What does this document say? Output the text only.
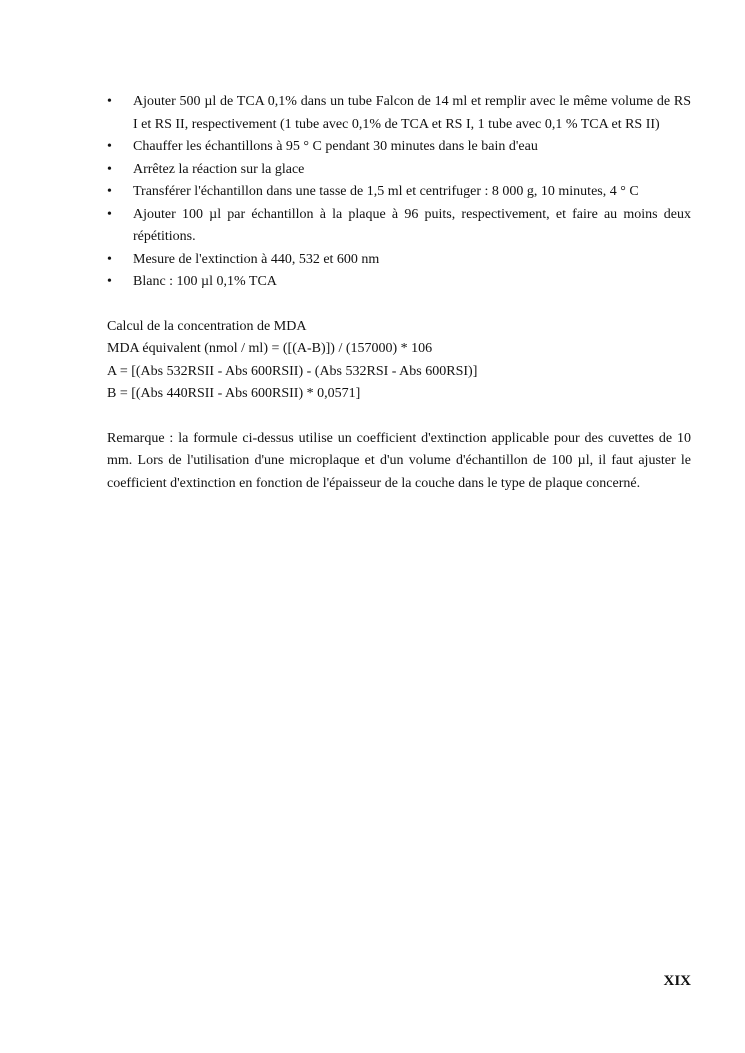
•	Ajouter 500 µl de TCA 0,1% dans un tube Falcon de 14 ml et remplir avec le même volume de RS I et RS II, respectivement (1 tube avec 0,1% de TCA et RS I, 1 tube avec 0,1 % TCA et RS II)
•	Chauffer les échantillons à 95 ° C pendant 30 minutes dans le bain d'eau
•	Arrêtez la réaction sur la glace
•	Transférer l'échantillon dans une tasse de 1,5 ml et centrifuger : 8 000 g, 10 minutes, 4 ° C
•	Ajouter 100 µl par échantillon à la plaque à 96 puits, respectivement, et faire au moins deux répétitions.
•	Mesure de l'extinction à 440, 532 et 600 nm
•	Blanc : 100 µl 0,1% TCA
Calcul de la concentration de MDA
MDA équivalent (nmol / ml) = ([(A-B)]) / (157000) * 106
A = [(Abs 532RSII - Abs 600RSII) - (Abs 532RSI - Abs 600RSI)]
B = [(Abs 440RSII - Abs 600RSII) * 0,0571]
Remarque : la formule ci-dessus utilise un coefficient d'extinction applicable pour des cuvettes de 10 mm. Lors de l'utilisation d'une microplaque et d'un volume d'échantillon de 100 µl, il faut ajuster le coefficient d'extinction en fonction de l'épaisseur de la couche dans le type de plaque concerné.
XIX
